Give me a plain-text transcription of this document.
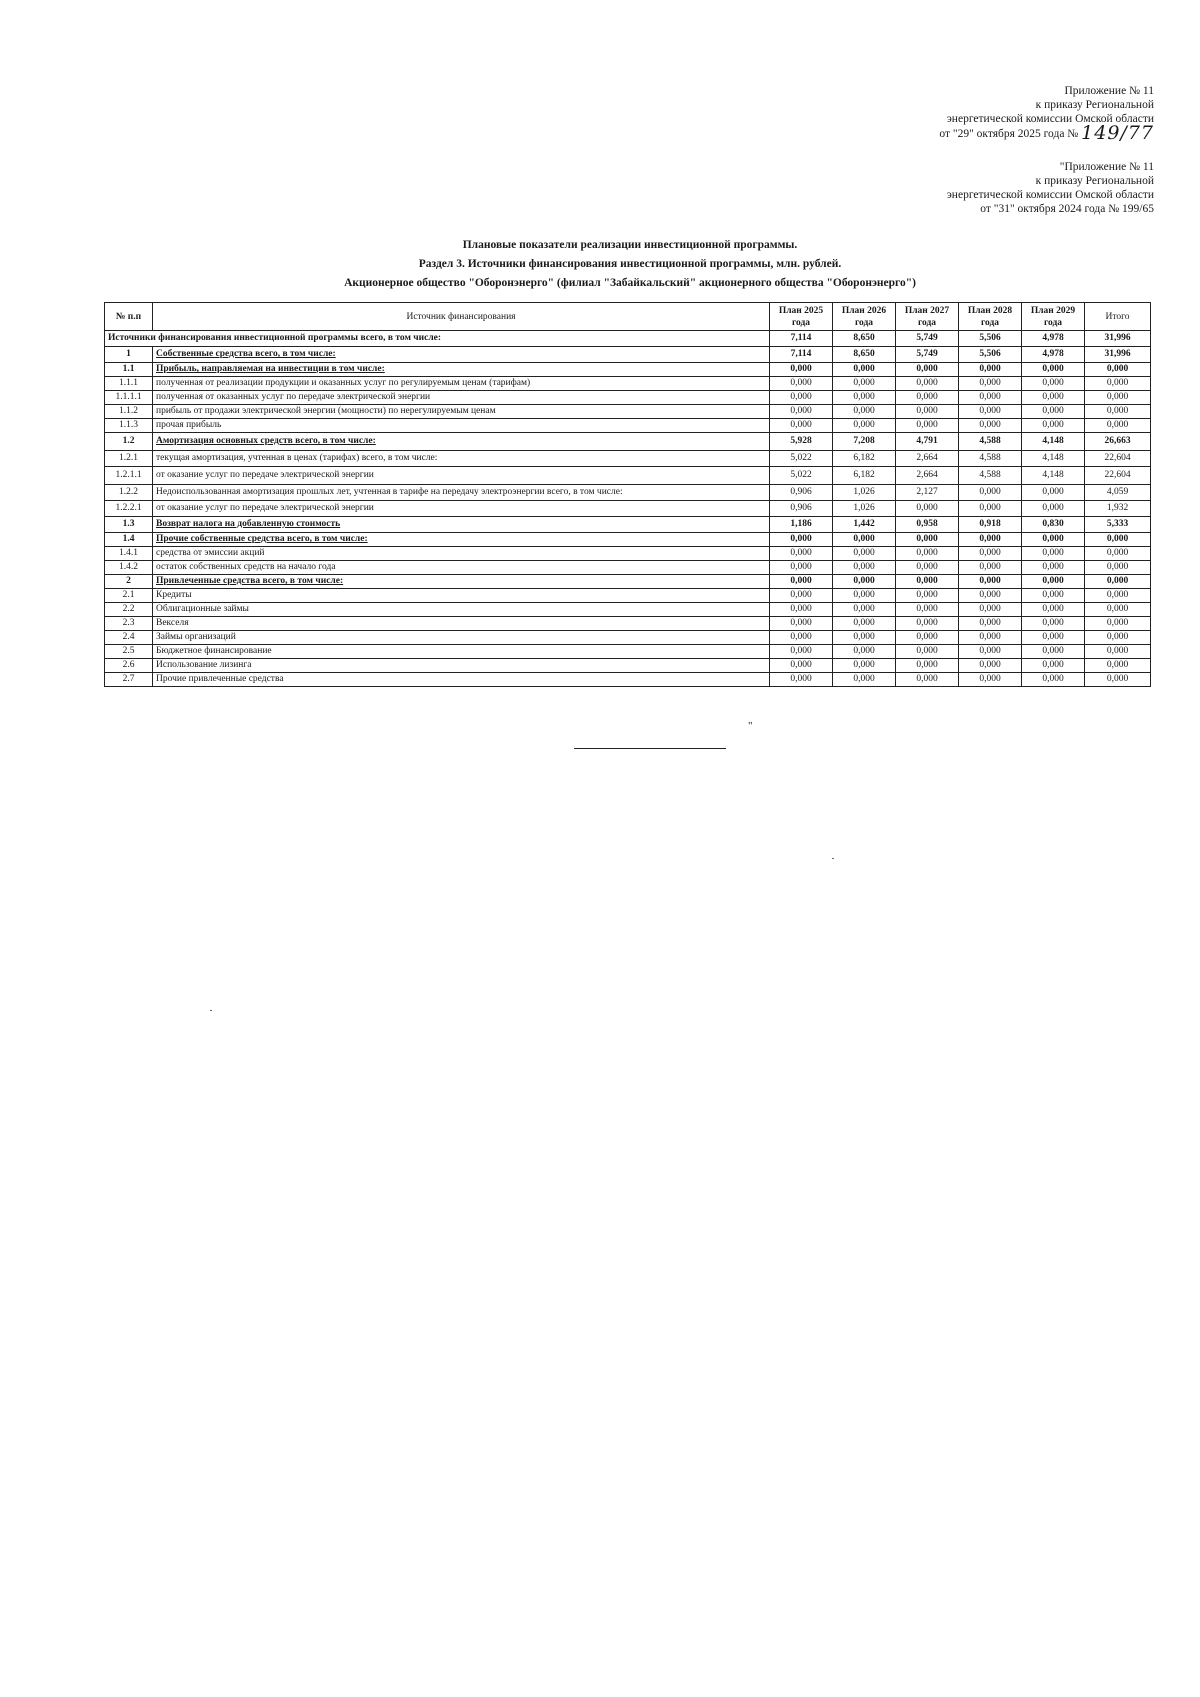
Приложение № 11
к приказу Региональной
энергетической комиссии Омской области
от "29" октября 2025 года № 149/77
"Приложение № 11
к приказу Региональной
энергетической комиссии Омской области
от "31" октября 2024 года № 199/65
Плановые показатели реализации инвестиционной программы.
Раздел 3. Источники финансирования инвестиционной программы, млн. рублей.
Акционерное общество "Оборонэнерго" (филиал "Забайкальский" акционерного общества "Оборонэнерго")
№ п.п	Источник финансирования	План 2025 года	План 2026 года	План 2027 года	План 2028 года	План 2029 года	Итого
Источники финансирования инвестиционной программы всего, в том числе:		7,114	8,650	5,749	5,506	4,978	31,996
1	Собственные средства всего, в том числе:	7,114	8,650	5,749	5,506	4,978	31,996
1.1	Прибыль, направляемая на инвестиции в том числе:	0,000	0,000	0,000	0,000	0,000	0,000
1.1.1	полученная от реализации продукции и оказанных услуг по регулируемым ценам (тарифам)	0,000	0,000	0,000	0,000	0,000	0,000
1.1.1.1	полученная от оказанных услуг по передаче электрической энергии	0,000	0,000	0,000	0,000	0,000	0,000
1.1.2	прибыль от продажи электрической энергии (мощности) по нерегулируемым ценам	0,000	0,000	0,000	0,000	0,000	0,000
1.1.3	прочая прибыль	0,000	0,000	0,000	0,000	0,000	0,000
1.2	Амортизация основных средств всего, в том числе:	5,928	7,208	4,791	4,588	4,148	26,663
1.2.1	текущая амортизация, учтенная в ценах (тарифах) всего, в том числе:	5,022	6,182	2,664	4,588	4,148	22,604
1.2.1.1	от оказание услуг по передаче электрической энергии	5,022	6,182	2,664	4,588	4,148	22,604
1.2.2	Недоиспользованная амортизация прошлых лет, учтенная в тарифе на передачу электроэнергии всего, в том числе:	0,906	1,026	2,127	0,000	0,000	4,059
1.2.2.1	от оказание услуг по передаче электрической энергии	0,906	1,026	0,000	0,000	0,000	1,932
1.3	Возврат налога на добавленную стоимость	1,186	1,442	0,958	0,918	0,830	5,333
1.4	Прочие собственные средства всего, в том числе:	0,000	0,000	0,000	0,000	0,000	0,000
1.4.1	средства от эмиссии акций	0,000	0,000	0,000	0,000	0,000	0,000
1.4.2	остаток собственных средств на начало года	0,000	0,000	0,000	0,000	0,000	0,000
2	Привлеченные средства всего, в том числе:	0,000	0,000	0,000	0,000	0,000	0,000
2.1	Кредиты	0,000	0,000	0,000	0,000	0,000	0,000
2.2	Облигационные займы	0,000	0,000	0,000	0,000	0,000	0,000
2.3	Векселя	0,000	0,000	0,000	0,000	0,000	0,000
2.4	Займы организаций	0,000	0,000	0,000	0,000	0,000	0,000
2.5	Бюджетное финансирование	0,000	0,000	0,000	0,000	0,000	0,000
2.6	Использование лизинга	0,000	0,000	0,000	0,000	0,000	0,000
2.7	Прочие привлеченные средства	0,000	0,000	0,000	0,000	0,000	0,000
"
